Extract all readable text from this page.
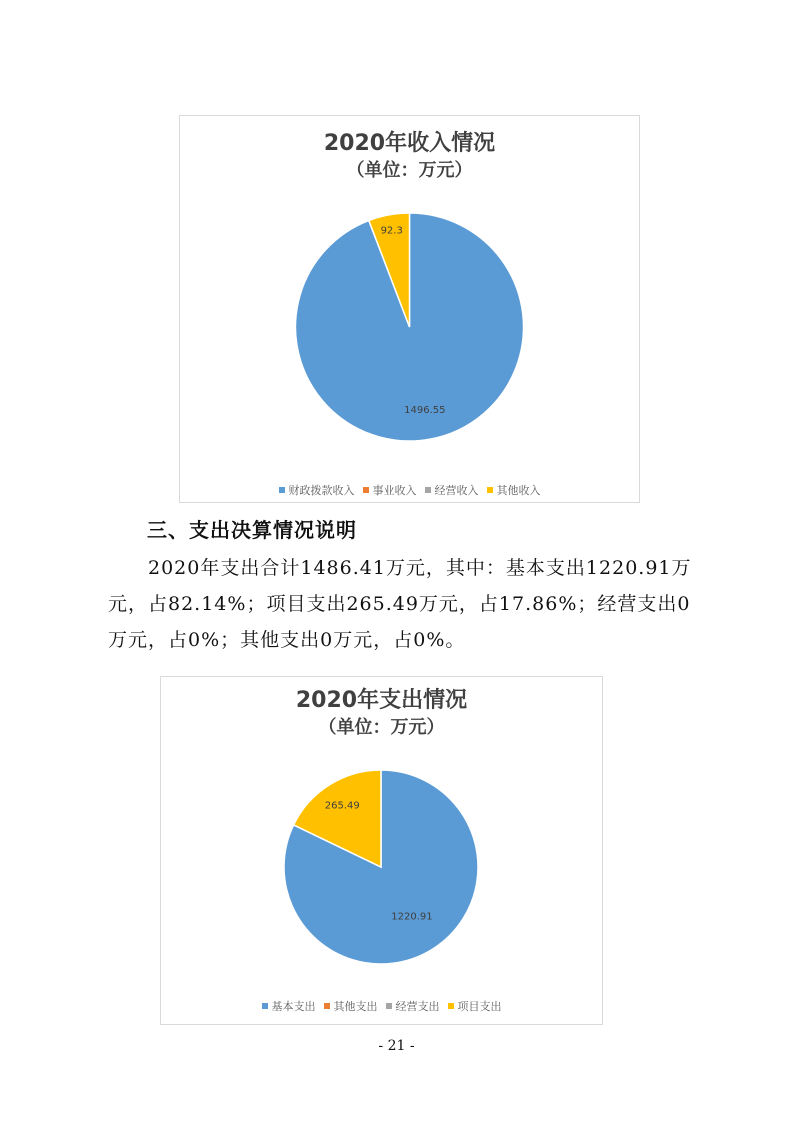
2020年收入情况
（单位：万元）
1496.55
92.3
财政拨款收入 事业收入 经营收入 其他收入
三、支出决算情况说明

2020年支出合计1486.41万元，其中：基本支出1220.91万元，占82.14%；项目支出265.49万元，占17.86%；经营支出0万元，占0%；其他支出0万元，占0%。

2020年支出情况
（单位：万元）
1220.91
265.49
基本支出 其他支出 经营支出 项目支出
- 21 -
